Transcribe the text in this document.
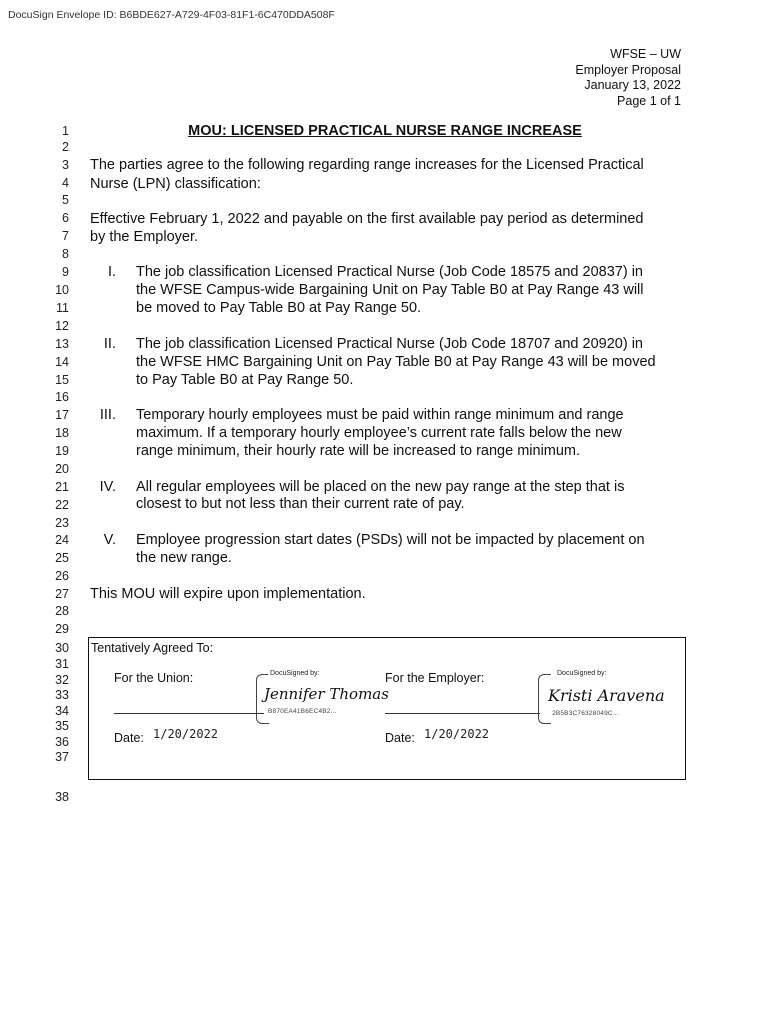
DocuSign Envelope ID: B6BDE627-A729-4F03-81F1-6C470DDA508F
WFSE – UW
Employer Proposal
January 13, 2022
Page 1 of 1
1
2
3
4
5
6
7
8
9
10
11
12
13
14
15
16
17
18
19
20
21
22
23
24
25
26
27
28
29
30
31
32
33
34
35
36
37
38
MOU: LICENSED PRACTICAL NURSE RANGE INCREASE
The parties agree to the following regarding range increases for the Licensed Practical
Nurse (LPN) classification:
Effective February 1, 2022 and payable on the first available pay period as determined
by the Employer.
I. The job classification Licensed Practical Nurse (Job Code 18575 and 20837) in
the WFSE Campus-wide Bargaining Unit on Pay Table B0 at Pay Range 43 will
be moved to Pay Table B0 at Pay Range 50.
II. The job classification Licensed Practical Nurse (Job Code 18707 and 20920) in
the WFSE HMC Bargaining Unit on Pay Table B0 at Pay Range 43 will be moved
to Pay Table B0 at Pay Range 50.
III. Temporary hourly employees must be paid within range minimum and range
maximum. If a temporary hourly employee’s current rate falls below the new
range minimum, their hourly rate will be increased to range minimum.
IV. All regular employees will be placed on the new pay range at the step that is
closest to but not less than their current rate of pay.
V. Employee progression start dates (PSDs) will not be impacted by placement on
the new range.
This MOU will expire upon implementation.
Tentatively Agreed To:
For the Union:	DocuSigned by:
Jennifer Thomas
B870EA41B6EC4B2...
Date: 1/20/2022
For the Employer:	DocuSigned by:
Kristi Aravena
2B5B3C76328049C...
Date: 1/20/2022
